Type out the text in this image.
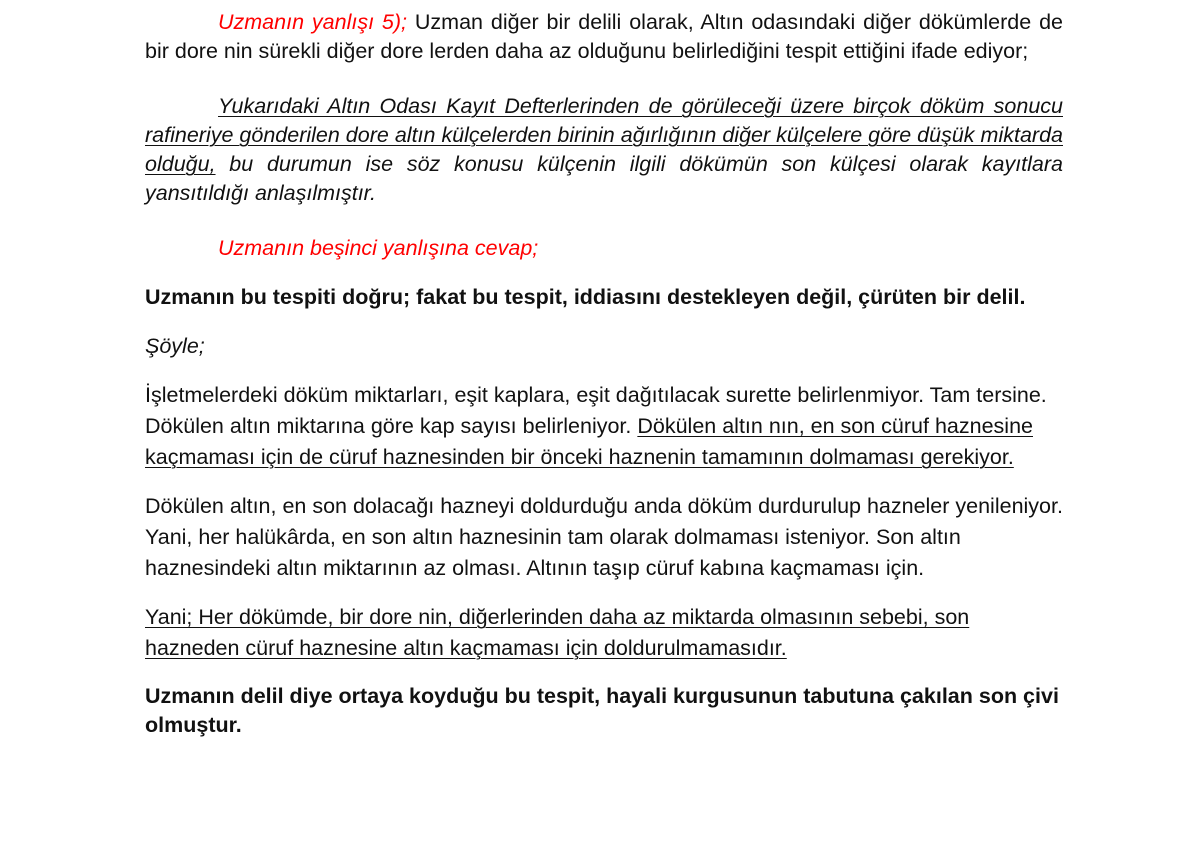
Uzmanın yanlışı 5); Uzman diğer bir delili olarak, Altın odasındaki diğer dökümlerde de bir dore nin sürekli diğer dore lerden daha az olduğunu belirlediğini tespit ettiğini ifade ediyor;

Yukarıdaki Altın Odası Kayıt Defterlerinden de görüleceği üzere birçok döküm sonucu rafineriye gönderilen dore altın külçelerden birinin ağırlığının diğer külçelere göre düşük miktarda olduğu, bu durumun ise söz konusu külçenin ilgili dökümün son külçesi olarak kayıtlara yansıtıldığı anlaşılmıştır.

Uzmanın beşinci yanlışına cevap;

Uzmanın bu tespiti doğru; fakat bu tespit, iddiasını destekleyen değil, çürüten bir delil.

Şöyle;

İşletmelerdeki döküm miktarları, eşit kaplara, eşit dağıtılacak surette belirlenmiyor. Tam tersine. Dökülen altın miktarına göre kap sayısı belirleniyor. Dökülen altın nın, en son cüruf haznesine kaçmaması için de cüruf haznesinden bir önceki haznenin tamamının dolmaması gerekiyor.

Dökülen altın, en son dolacağı hazneyi doldurduğu anda döküm durdurulup hazneler yenileniyor. Yani, her halükârda, en son altın haznesinin tam olarak dolmaması isteniyor. Son altın haznesindeki altın miktarının az olması. Altının taşıp cüruf kabına kaçmaması için.

Yani; Her dökümde, bir dore nin, diğerlerinden daha az miktarda olmasının sebebi, son hazneden cüruf haznesine altın kaçmaması için doldurulmamasıdır.

Uzmanın delil diye ortaya koyduğu bu tespit, hayali kurgusunun tabutuna çakılan son çivi olmuştur.
